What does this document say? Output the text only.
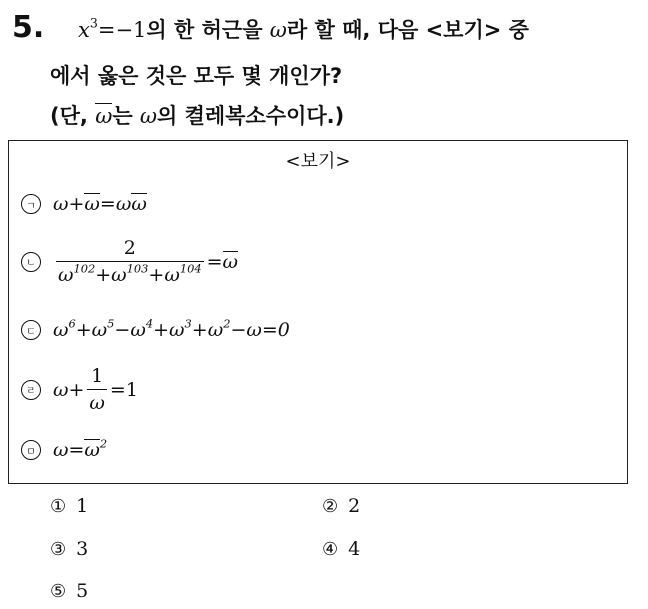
5. $x^3=-1$의 한 허근을 ω라 할 때, 다음 <보기> 중
에서 옳은 것은 모두 몇 개인가?
(단, ω는 ω의 켤레복소수이다.)
<보기>
ㄱ ω+ω=ωω
ㄴ $\frac{2}{\omega^{102}+\omega^{103}+\omega^{104}} =\omega$
ㄷ $\omega^6+\omega^5-\omega^4+\omega^3+\omega^2-\omega=0$
ㄹ $\omega+ \frac{1}{\omega} =1$
ㅁ $\omega=\omega^2$
① 1	② 2
③ 3	④ 4
⑤ 5
